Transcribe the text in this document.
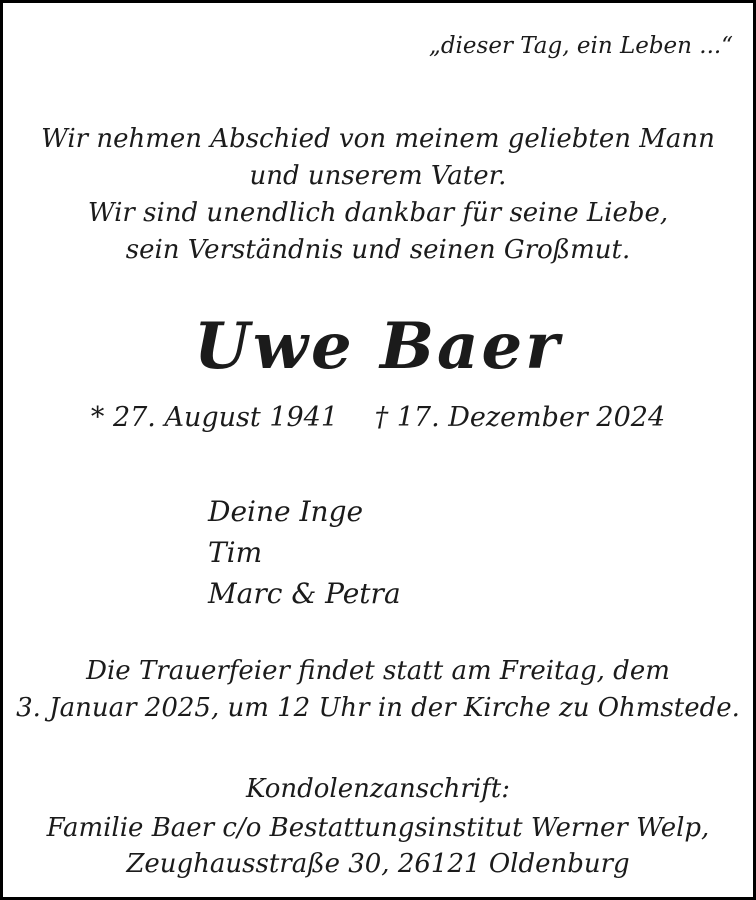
„dieser Tag, ein Leben ...“
Wir nehmen Abschied von meinem geliebten Mann
und unserem Vater.
Wir sind unendlich dankbar für seine Liebe,
sein Verständnis und seinen Großmut.
Uwe Baer
* 27. August 1941 † 17. Dezember 2024
Deine Inge
Tim
Marc & Petra
Die Trauerfeier findet statt am Freitag, dem
3. Januar 2025, um 12 Uhr in der Kirche zu Ohmstede.
Kondolenzanschrift:
Familie Baer c/o Bestattungsinstitut Werner Welp,
Zeughausstraße 30, 26121 Oldenburg
